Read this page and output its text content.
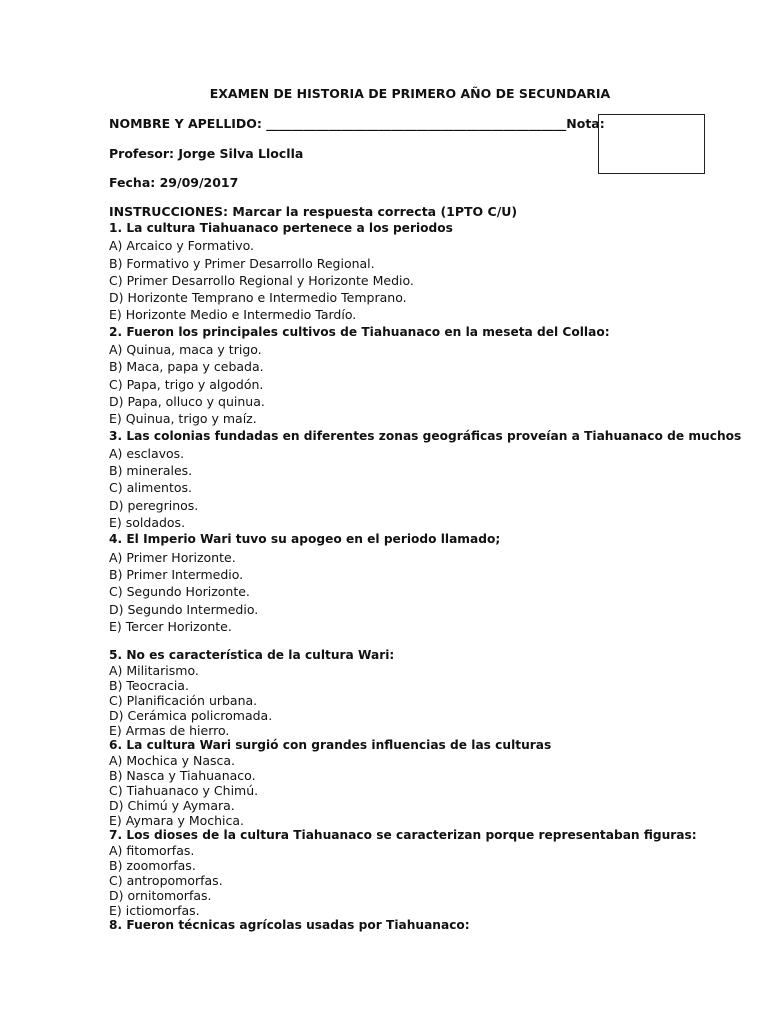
EXAMEN DE HISTORIA DE PRIMERO AÑO DE SECUNDARIA
NOMBRE Y APELLIDO: ________________________________________________Nota:
Profesor: Jorge Silva Lloclla
Fecha: 29/09/2017
INSTRUCCIONES: Marcar la respuesta correcta (1PTO C/U)
1. La cultura Tiahuanaco pertenece a los periodos
A) Arcaico y Formativo.
B) Formativo y Primer Desarrollo Regional.
C) Primer Desarrollo Regional y Horizonte Medio.
D) Horizonte Temprano e Intermedio Temprano.
E) Horizonte Medio e Intermedio Tardío.
2. Fueron los principales cultivos de Tiahuanaco en la meseta del Collao:
A) Quinua, maca y trigo.
B) Maca, papa y cebada.
C) Papa, trigo y algodón.
D) Papa, olluco y quinua.
E) Quinua, trigo y maíz.
3. Las colonias fundadas en diferentes zonas geográficas proveían a Tiahuanaco de muchos
A) esclavos.
B) minerales.
C) alimentos.
D) peregrinos.
E) soldados.
4. El Imperio Wari tuvo su apogeo en el periodo llamado;
A) Primer Horizonte.
B) Primer Intermedio.
C) Segundo Horizonte.
D) Segundo Intermedio.
E) Tercer Horizonte.
5. No es característica de la cultura Wari:
A) Militarismo.
B) Teocracia.
C) Planificación urbana.
D) Cerámica policromada.
E) Armas de hierro.
6. La cultura Wari surgió con grandes influencias de las culturas
A) Mochica y Nasca.
B) Nasca y Tiahuanaco.
C) Tiahuanaco y Chimú.
D) Chimú y Aymara.
E) Aymara y Mochica.
7. Los dioses de la cultura Tiahuanaco se caracterizan porque representaban figuras:
A) fitomorfas.
B) zoomorfas.
C) antropomorfas.
D) ornitomorfas.
E) ictiomorfas.
8. Fueron técnicas agrícolas usadas por Tiahuanaco:
